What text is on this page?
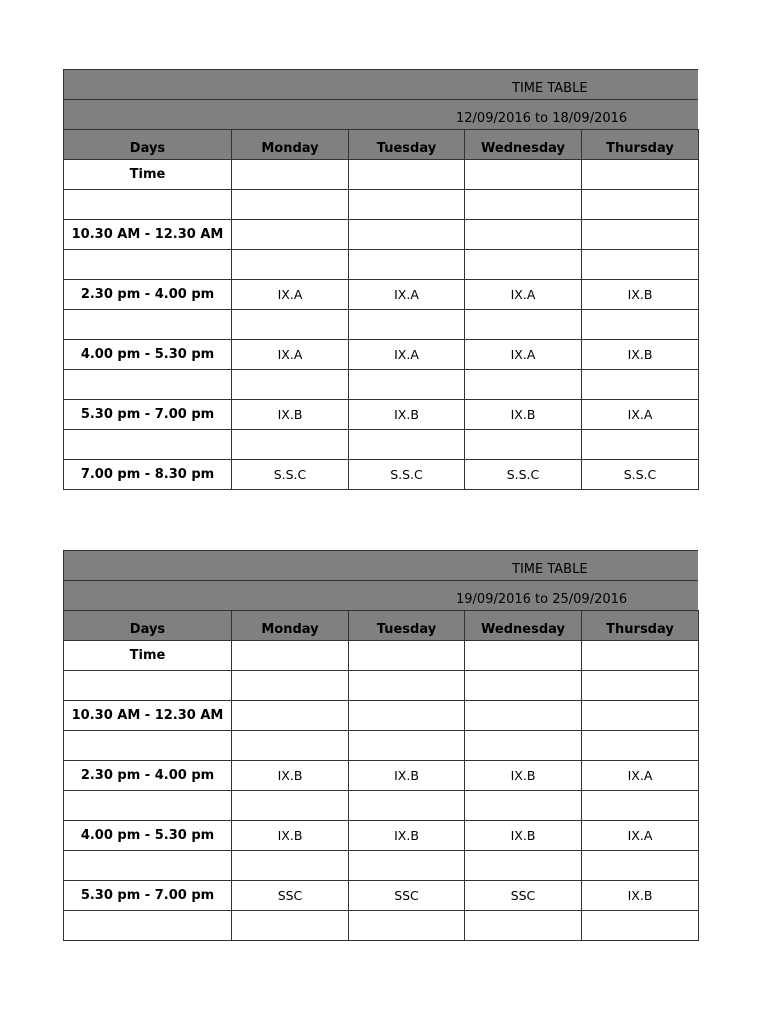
TIME TABLE
12/09/2016 to 18/09/2016
Days	Monday	Tuesday	Wednesday	Thursday
Time				

10.30 AM - 12.30 AM				

2.30 pm - 4.00 pm	IX.A	IX.A	IX.A	IX.B

4.00 pm - 5.30 pm	IX.A	IX.A	IX.A	IX.B

5.30 pm - 7.00 pm	IX.B	IX.B	IX.B	IX.A

7.00 pm - 8.30 pm	S.S.C	S.S.C	S.S.C	S.S.C
TIME TABLE
19/09/2016 to 25/09/2016
Days	Monday	Tuesday	Wednesday	Thursday
Time				

10.30 AM - 12.30 AM				

2.30 pm - 4.00 pm	IX.B	IX.B	IX.B	IX.A

4.00 pm - 5.30 pm	IX.B	IX.B	IX.B	IX.A

5.30 pm - 7.00 pm	SSC	SSC	SSC	IX.B
